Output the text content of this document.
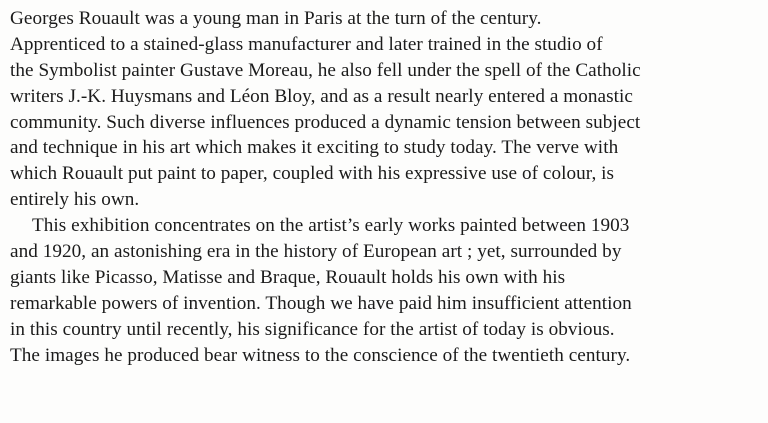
Georges Rouault was a young man in Paris at the turn of the century.
Apprenticed to a stained-glass manufacturer and later trained in the studio of
the Symbolist painter Gustave Moreau, he also fell under the spell of the Catholic
writers J.-K. Huysmans and Léon Bloy, and as a result nearly entered a monastic
community. Such diverse influences produced a dynamic tension between subject
and technique in his art which makes it exciting to study today. The verve with
which Rouault put paint to paper, coupled with his expressive use of colour, is
entirely his own.
This exhibition concentrates on the artist’s early works painted between 1903
and 1920, an astonishing era in the history of European art ; yet, surrounded by
giants like Picasso, Matisse and Braque, Rouault holds his own with his
remarkable powers of invention. Though we have paid him insufficient attention
in this country until recently, his significance for the artist of today is obvious.
The images he produced bear witness to the conscience of the twentieth century.
